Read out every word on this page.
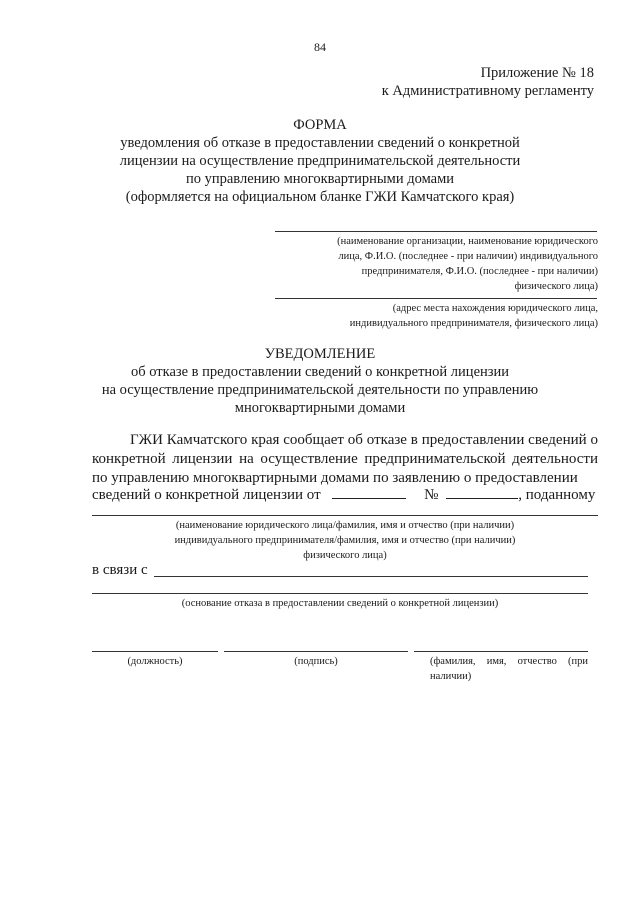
84
Приложение № 18
к Административному регламенту
ФОРМА
уведомления об отказе в предоставлении сведений о конкретной
лицензии на осуществление предпринимательской деятельности
по управлению многоквартирными домами
(оформляется на официальном бланке ГЖИ Камчатского края)
(наименование организации, наименование юридического
лица, Ф.И.О. (последнее - при наличии) индивидуального
предпринимателя, Ф.И.О. (последнее - при наличии)
физического лица)
(адрес места нахождения юридического лица,
индивидуального предпринимателя, физического лица)
УВЕДОМЛЕНИЕ
об отказе в предоставлении сведений о конкретной лицензии
на осуществление предпринимательской деятельности по управлению
многоквартирными домами
ГЖИ Камчатского края сообщает об отказе в предоставлении сведений о конкретной лицензии на осуществление предпринимательской деятельности по управлению многоквартирными домами по заявлению о предоставлении
сведений о конкретной лицензии от	№	, поданному
(наименование юридического лица/фамилия, имя и отчество (при наличии)
индивидуального предпринимателя/фамилия, имя и отчество (при наличии)
физического лица)
в связи с
(основание отказа в предоставлении сведений о конкретной лицензии)
(должность)	(подпись)	(фамилия, имя, отчество (при
наличии)
